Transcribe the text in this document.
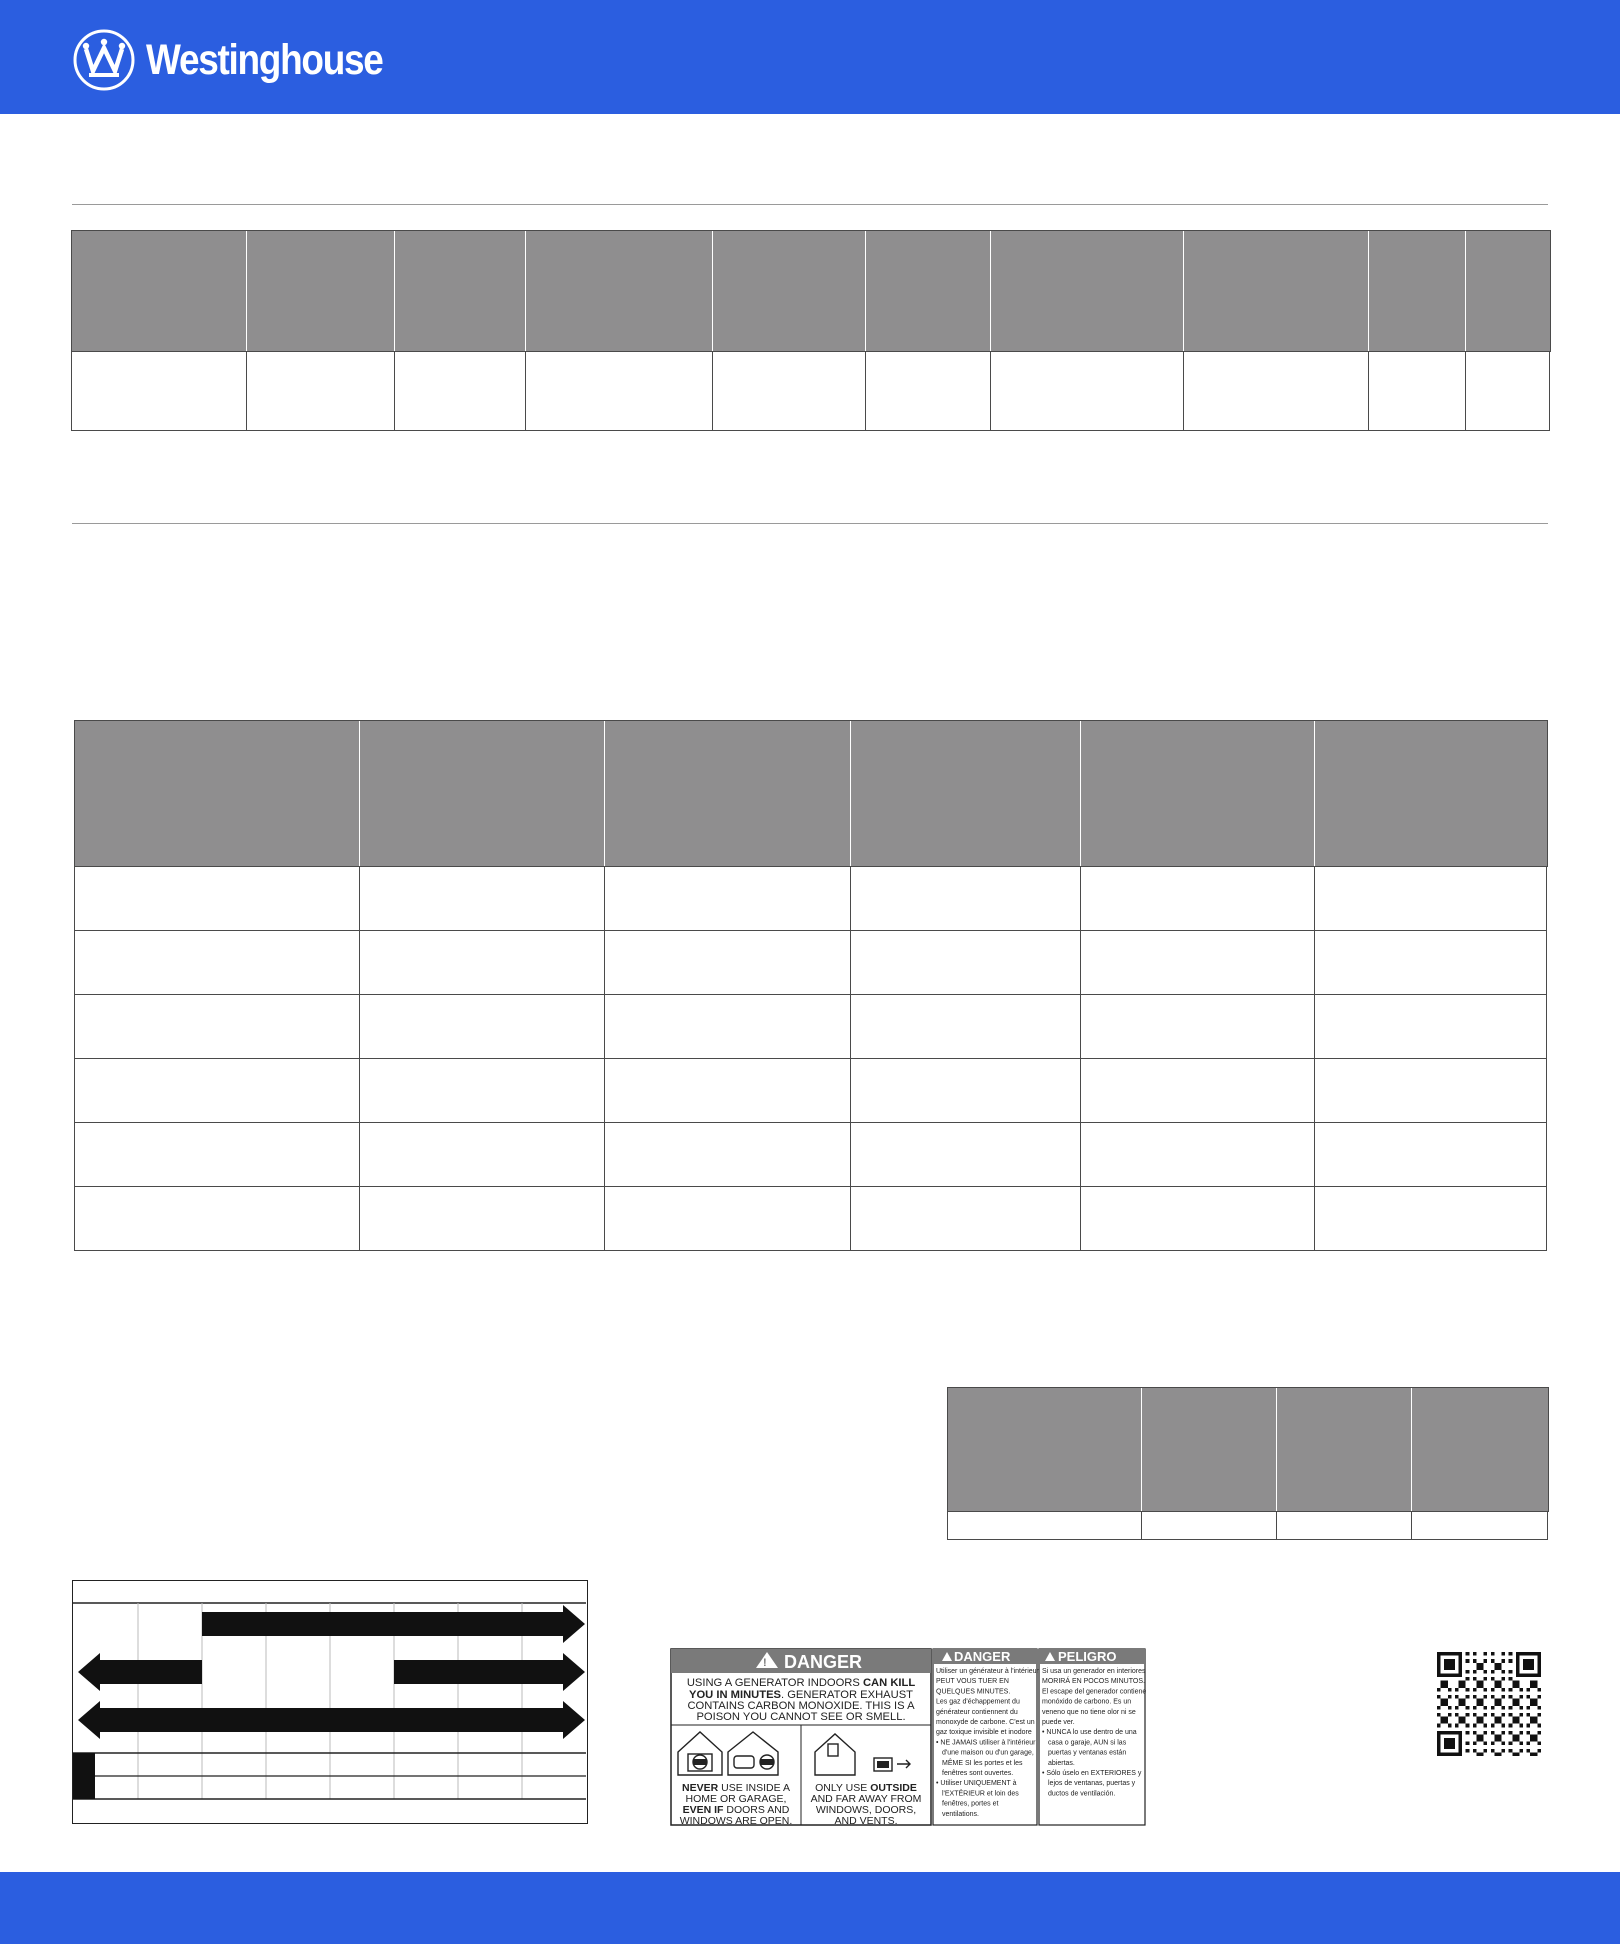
Westinghouse

! DANGER
USING A GENERATOR INDOORS CAN KILL
YOU IN MINUTES. GENERATOR EXHAUST
CONTAINS CARBON MONOXIDE. THIS IS A
POISON YOU CANNOT SEE OR SMELL.
NEVER USE INSIDE A
HOME OR GARAGE,
EVEN IF DOORS AND
WINDOWS ARE OPEN.
ONLY USE OUTSIDE
AND FAR AWAY FROM
WINDOWS, DOORS,
AND VENTS.
DANGER
Utiliser un générateur à l'intérieur
PEUT VOUS TUER EN
QUELQUES MINUTES.
Les gaz d'échappement du
générateur contiennent du
monoxyde de carbone. C'est un
gaz toxique invisible et inodore
• NE JAMAIS utiliser à l'intérieur
d'une maison ou d'un garage,
MÊME SI les portes et les
fenêtres sont ouvertes.
• Utiliser UNIQUEMENT à
l'EXTÉRIEUR et loin des
fenêtres, portes et
ventilations.
PELIGRO
Si usa un generador en interiores
MORIRÁ EN POCOS MINUTOS.
El escape del generador contiene
monóxido de carbono. Es un
veneno que no tiene olor ni se
puede ver.
• NUNCA lo use dentro de una
casa o garaje, AUN si las
puertas y ventanas están
abiertas.
• Sólo úselo en EXTERIORES y
lejos de ventanas, puertas y
ductos de ventilación.
